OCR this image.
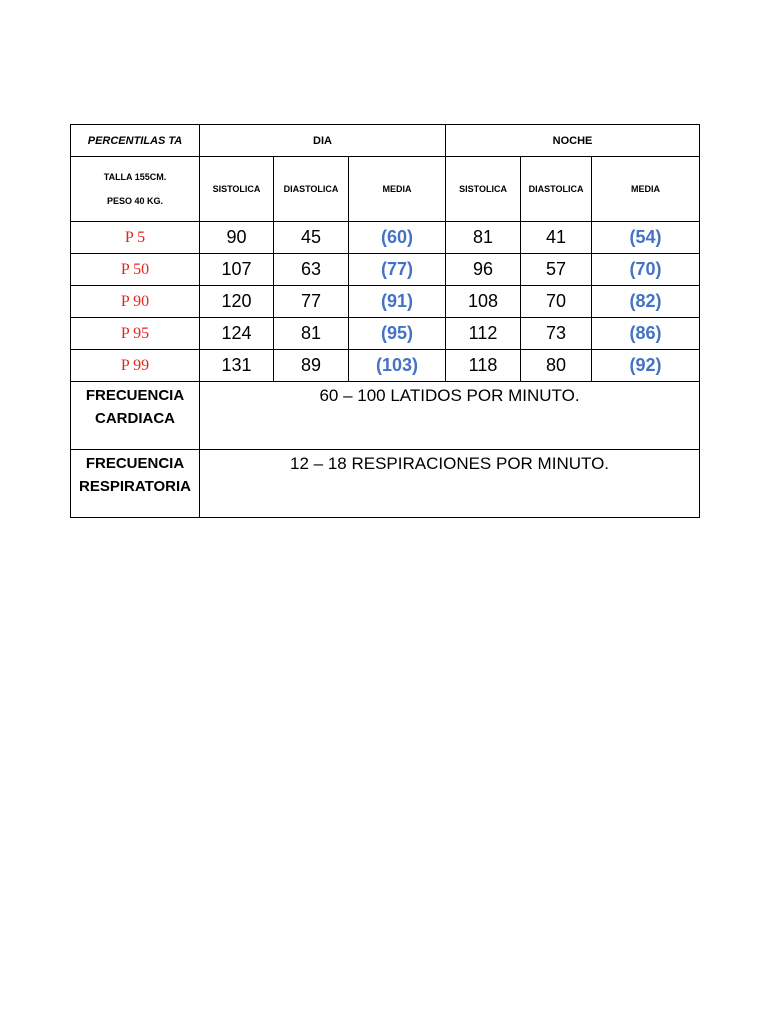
PERCENTILAS TA	DIA			NOCHE		

TALLA 155CM.
PESO 40 KG.	SISTOLICA	DIASTOLICA	MEDIA	SISTOLICA	DIASTOLICA	MEDIA
P 5	90	45	(60)	81	41	(54)
P 50	107	63	(77)	96	57	(70)
P 90	120	77	(91)	108	70	(82)
P 95	124	81	(95)	112	73	(86)
P 99	131	89	(103)	118	80	(92)

FRECUENCIA
CARDIACA	60 – 100 LATIDOS POR MINUTO.					

FRECUENCIA
RESPIRATORIA	12 – 18 RESPIRACIONES POR MINUTO.					
